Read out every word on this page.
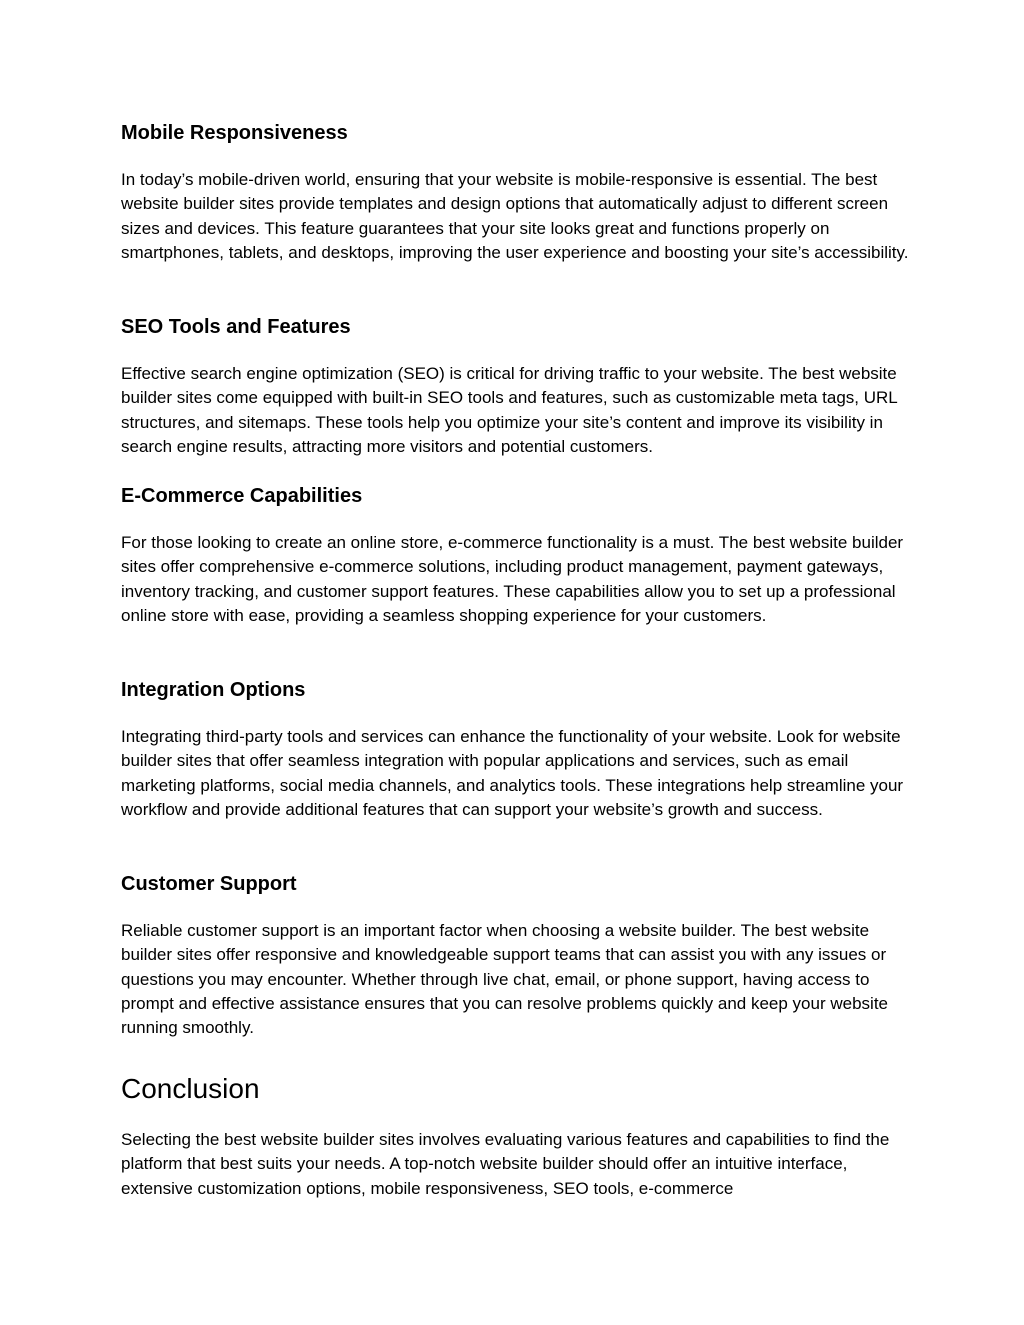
Mobile Responsiveness

In today’s mobile-driven world, ensuring that your website is mobile-responsive is essential. The best website builder sites provide templates and design options that automatically adjust to different screen sizes and devices. This feature guarantees that your site looks great and functions properly on smartphones, tablets, and desktops, improving the user experience and boosting your site’s accessibility.

SEO Tools and Features

Effective search engine optimization (SEO) is critical for driving traffic to your website. The best website builder sites come equipped with built-in SEO tools and features, such as customizable meta tags, URL structures, and sitemaps. These tools help you optimize your site’s content and improve its visibility in search engine results, attracting more visitors and potential customers.

E-Commerce Capabilities

For those looking to create an online store, e-commerce functionality is a must. The best website builder sites offer comprehensive e-commerce solutions, including product management, payment gateways, inventory tracking, and customer support features. These capabilities allow you to set up a professional online store with ease, providing a seamless shopping experience for your customers.

Integration Options

Integrating third-party tools and services can enhance the functionality of your website. Look for website builder sites that offer seamless integration with popular applications and services, such as email marketing platforms, social media channels, and analytics tools. These integrations help streamline your workflow and provide additional features that can support your website’s growth and success.

Customer Support

Reliable customer support is an important factor when choosing a website builder. The best website builder sites offer responsive and knowledgeable support teams that can assist you with any issues or questions you may encounter. Whether through live chat, email, or phone support, having access to prompt and effective assistance ensures that you can resolve problems quickly and keep your website running smoothly.

Conclusion

Selecting the best website builder sites involves evaluating various features and capabilities to find the platform that best suits your needs. A top-notch website builder should offer an intuitive interface, extensive customization options, mobile responsiveness, SEO tools, e-commerce
